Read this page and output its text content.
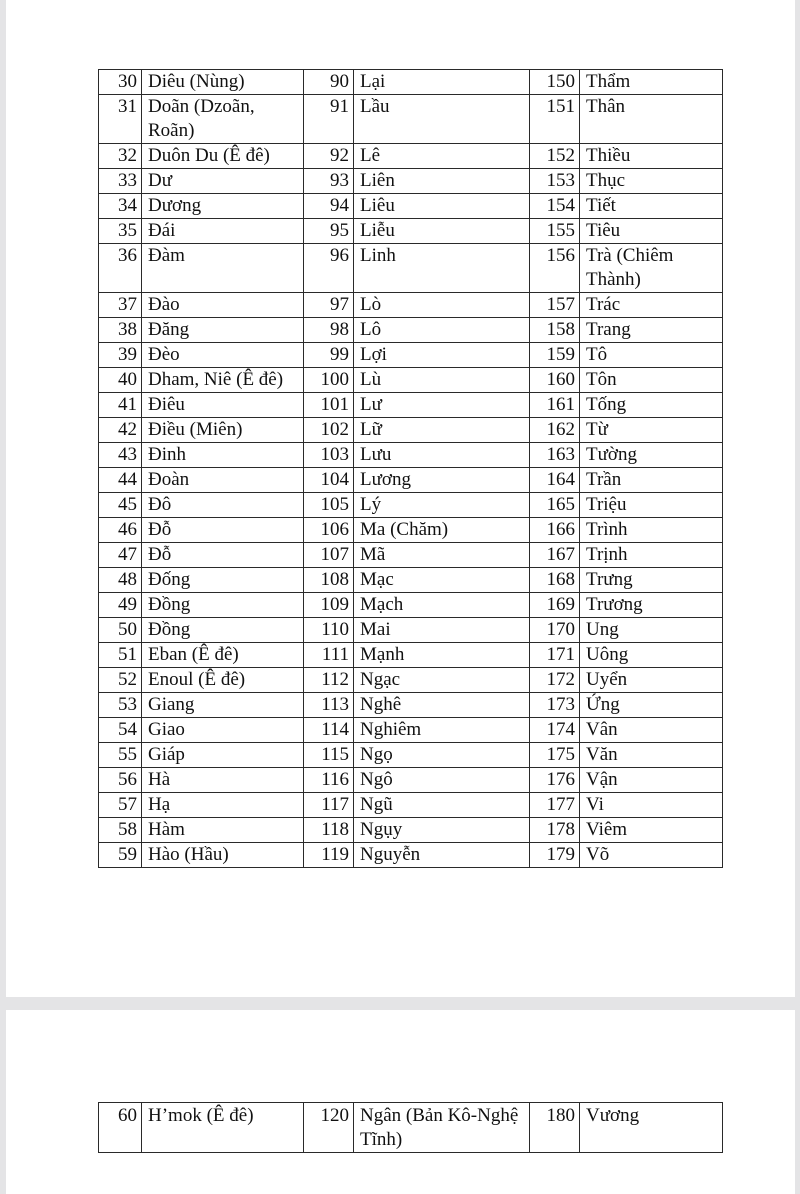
30	Diêu (Nùng)	90	Lại	150	Thẩm
31	Doãn (Dzoãn, Roãn)	91	Lầu	151	Thân
32	Duôn Du (Ê đê)	92	Lê	152	Thiều
33	Dư	93	Liên	153	Thục
34	Dương	94	Liêu	154	Tiết
35	Đái	95	Liễu	155	Tiêu
36	Đàm	96	Linh	156	Trà (Chiêm Thành)
37	Đào	97	Lò	157	Trác
38	Đăng	98	Lô	158	Trang
39	Đèo	99	Lợi	159	Tô
40	Dham, Niê (Ê đê)	100	Lù	160	Tôn
41	Điêu	101	Lư	161	Tống
42	Điều (Miên)	102	Lữ	162	Từ
43	Đinh	103	Lưu	163	Tường
44	Đoàn	104	Lương	164	Trần
45	Đô	105	Lý	165	Triệu
46	Đỗ	106	Ma (Chăm)	166	Trình
47	Đỗ	107	Mã	167	Trịnh
48	Đống	108	Mạc	168	Trưng
49	Đồng	109	Mạch	169	Trương
50	Đồng	110	Mai	170	Ung
51	Eban (Ê đê)	111	Mạnh	171	Uông
52	Enoul (Ê đê)	112	Ngạc	172	Uyển
53	Giang	113	Nghê	173	Ứng
54	Giao	114	Nghiêm	174	Vân
55	Giáp	115	Ngọ	175	Văn
56	Hà	116	Ngô	176	Vận
57	Hạ	117	Ngũ	177	Vi
58	Hàm	118	Ngụy	178	Viêm
59	Hào (Hầu)	119	Nguyễn	179	Võ
60	H’mok (Ê đê)	120	Ngân (Bản Kô-Nghệ Tĩnh)	180	Vương
